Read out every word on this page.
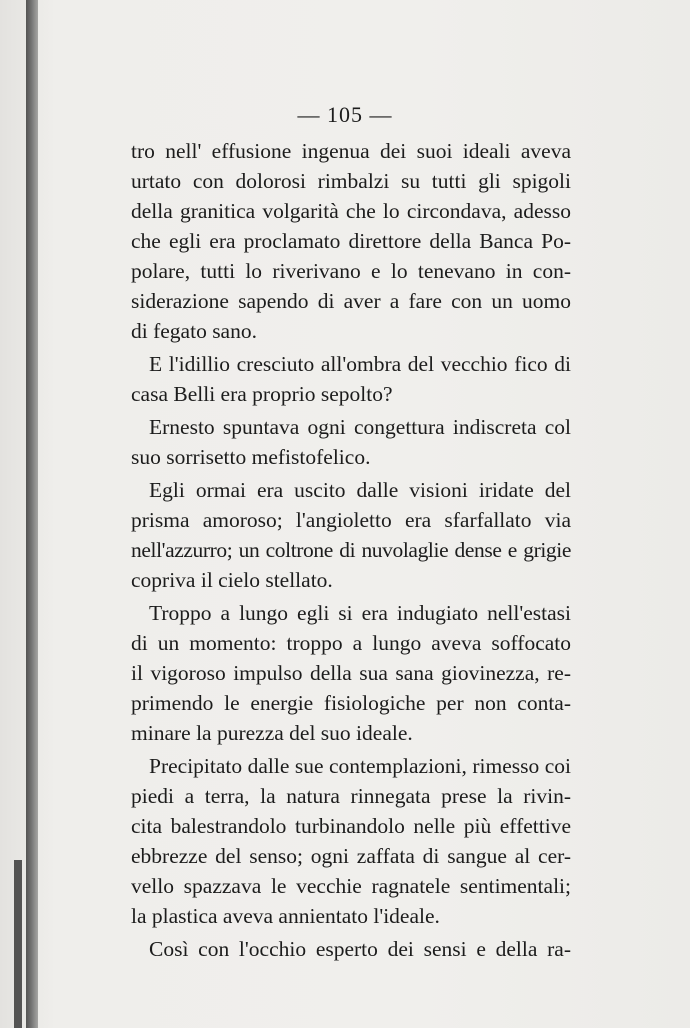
— 105 —
tro nell' effusione ingenua dei suoi ideali aveva
urtato con dolorosi rimbalzi su tutti gli spigoli
della granitica volgarità che lo circondava, adesso
che egli era proclamato direttore della Banca Po-
polare, tutti lo riverivano e lo tenevano in con-
siderazione sapendo di aver a fare con un uomo
di fegato sano.
E l'idillio cresciuto all'ombra del vecchio fico di
casa Belli era proprio sepolto?
Ernesto spuntava ogni congettura indiscreta col
suo sorrisetto mefistofelico.
Egli ormai era uscito dalle visioni iridate del
prisma amoroso; l'angioletto era sfarfallato via
nell'azzurro; un coltrone di nuvolaglie dense e grigie
copriva il cielo stellato.
Troppo a lungo egli si era indugiato nell'estasi
di un momento: troppo a lungo aveva soffocato
il vigoroso impulso della sua sana giovinezza, re-
primendo le energie fisiologiche per non conta-
minare la purezza del suo ideale.
Precipitato dalle sue contemplazioni, rimesso coi
piedi a terra, la natura rinnegata prese la rivin-
cita balestrandolo turbinandolo nelle più effettive
ebbrezze del senso; ogni zaffata di sangue al cer-
vello spazzava le vecchie ragnatele sentimentali;
la plastica aveva annientato l'ideale.
Così con l'occhio esperto dei sensi e della ra-
